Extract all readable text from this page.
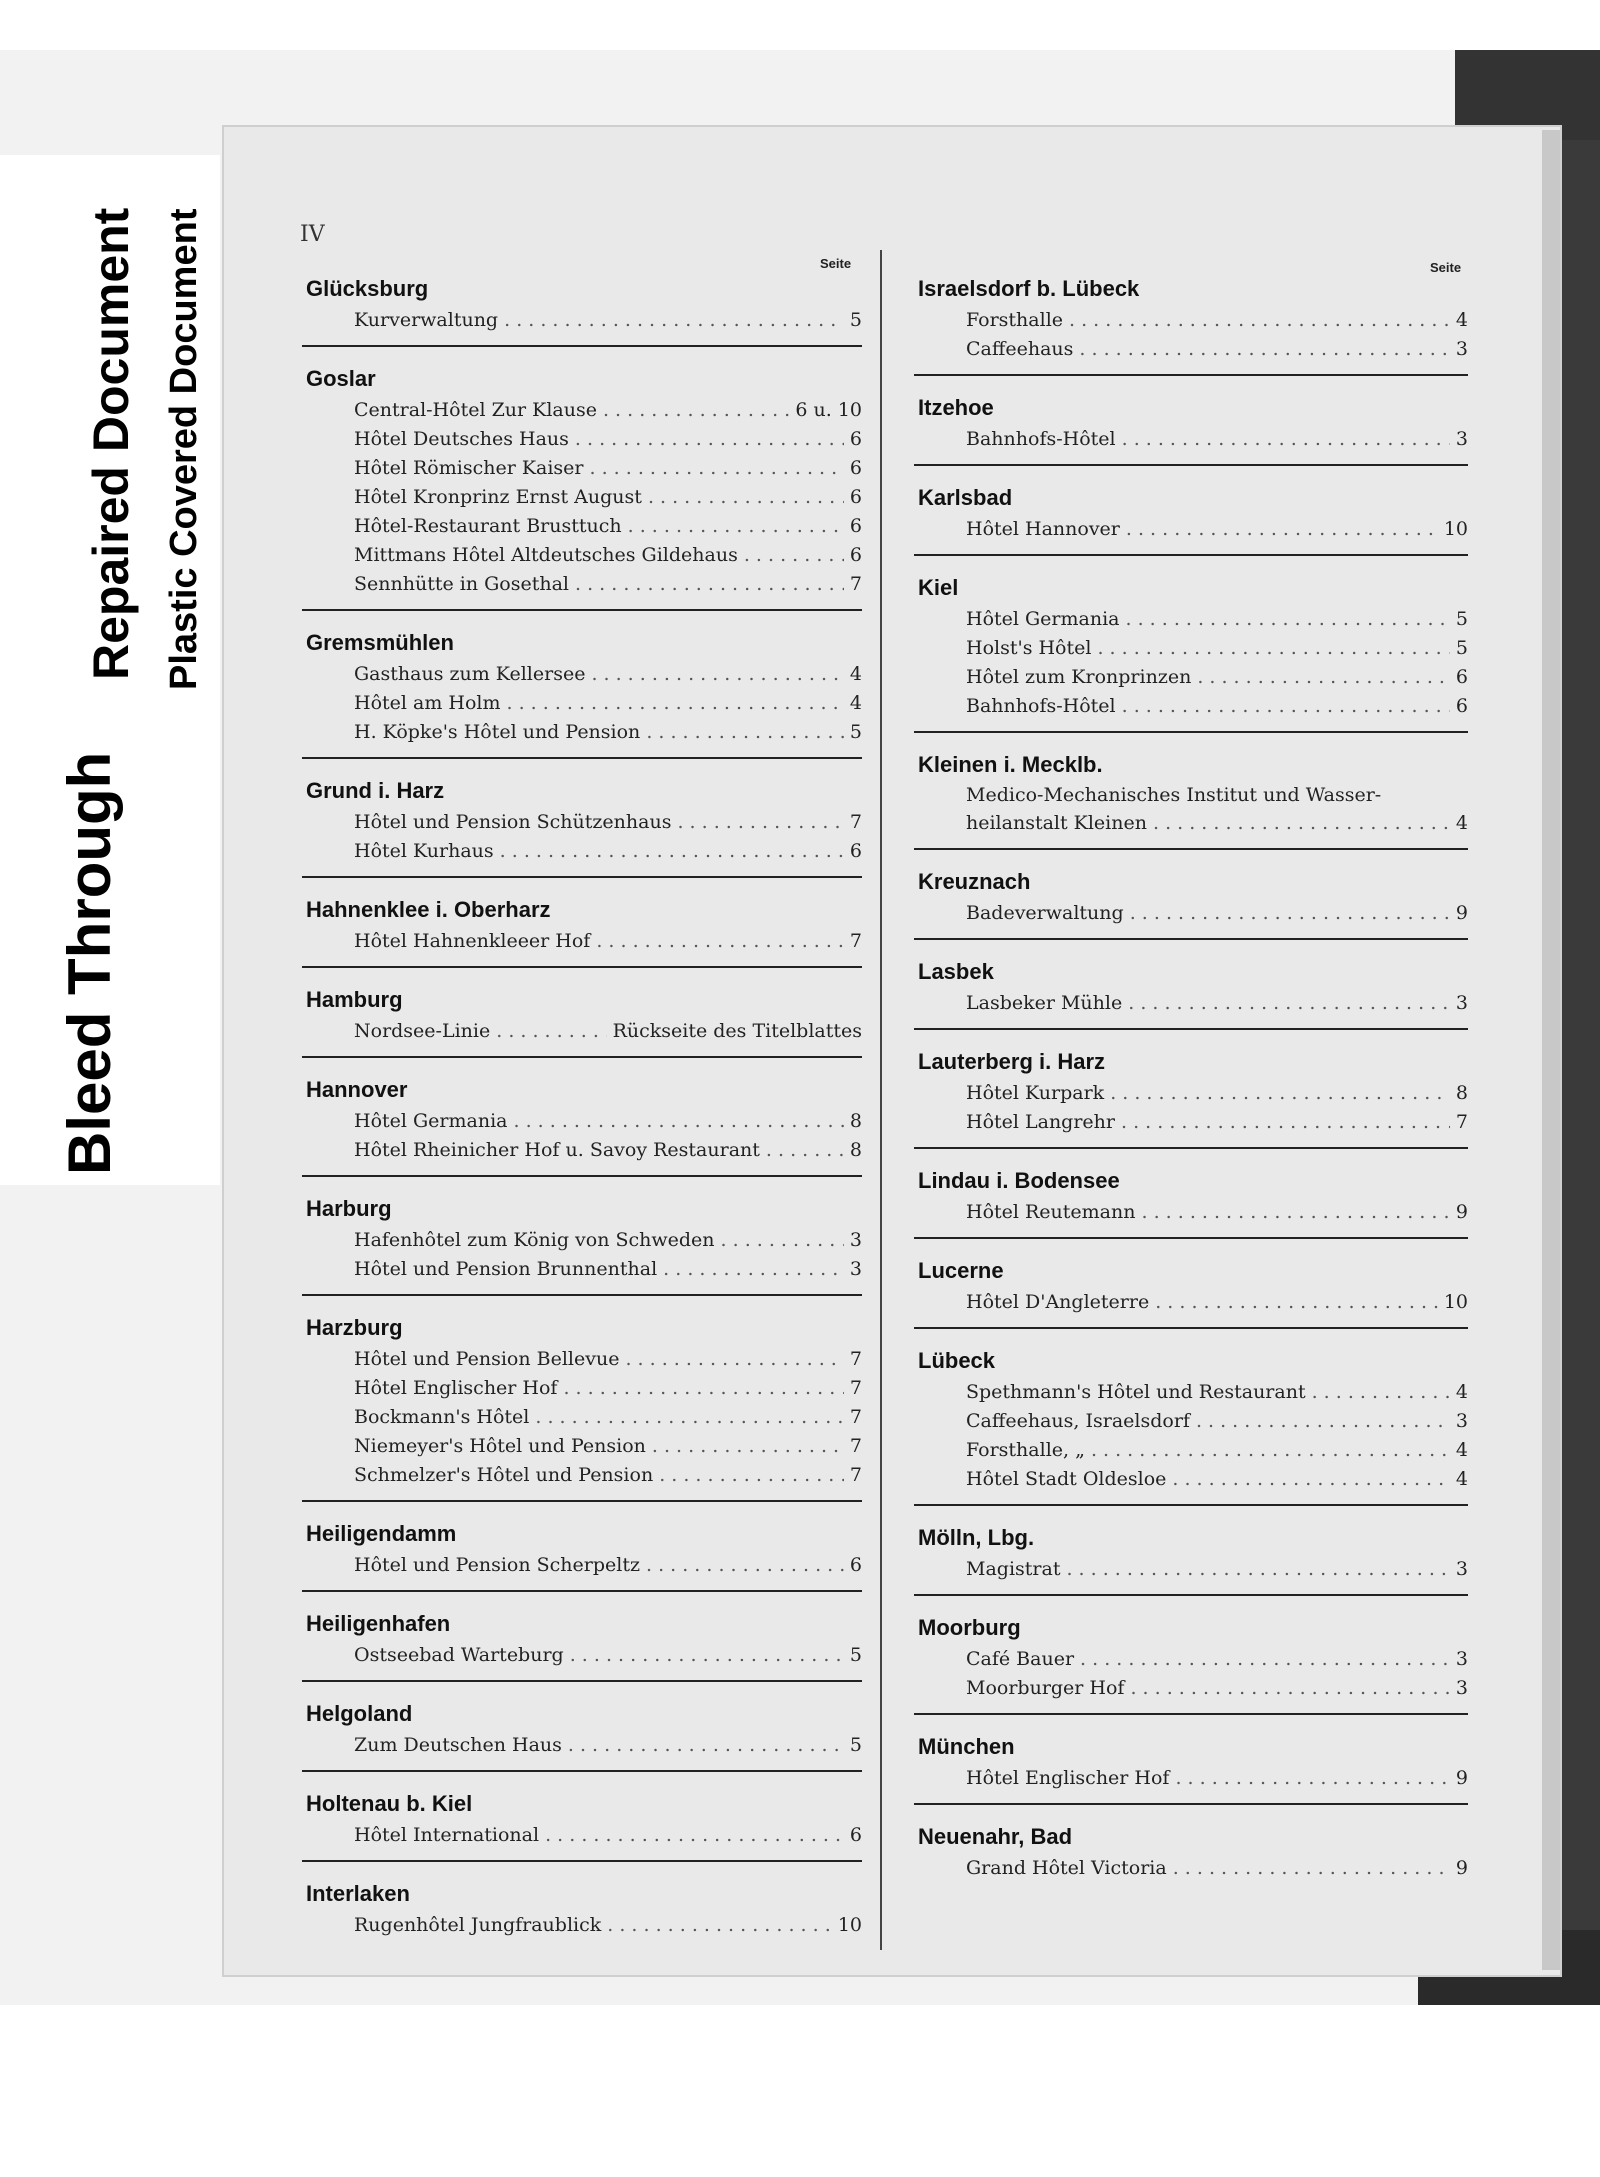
Bleed Through
Repaired Document Plastic Covered Document	IV
Seite	Seite
Glücksburg
Kurverwaltung . . .	5
Goslar
Central-Hôtel Zur Klause . . .	6 u. 10
Hôtel Deutsches Haus . . .	6
Hôtel Römischer Kaiser . . .	6
Hôtel Kronprinz Ernst August . . .	6
Hôtel-Restaurant Brusttuch . . .	6
Mittmans Hôtel Altdeutsches Gildehaus . . .	6
Sennhütte in Gosethal . . .	7
Gremsmühlen
Gasthaus zum Kellersee . . .	4
Hôtel am Holm . . .	4
H. Köpke's Hôtel und Pension . . .	5
Grund i. Harz
Hôtel und Pension Schützenhaus . . .	7
Hôtel Kurhaus . . .	6
Hahnenklee i. Oberharz
Hôtel Hahnenkleeer Hof . . .	7
Hamburg
Nordsee-Linie . . .	Rückseite des Titelblattes
Hannover
Hôtel Germania . . .	8
Hôtel Rheinicher Hof u. Savoy Restaurant . . .	8
Harburg
Hafenhôtel zum König von Schweden . . .	3
Hôtel und Pension Brunnenthal . . .	3
Harzburg
Hôtel und Pension Bellevue . . .	7
Hôtel Englischer Hof . . .	7
Bockmann's Hôtel . . .	7
Niemeyer's Hôtel und Pension . . .	7
Schmelzer's Hôtel und Pension . . .	7
Heiligendamm
Hôtel und Pension Scherpeltz . . .	6
Heiligenhafen
Ostseebad Warteburg . . .	5
Helgoland
Zum Deutschen Haus . . .	5
Holtenau b. Kiel
Hôtel International . . .	6
Interlaken
Rugenhôtel Jungfraublick . . .	10
Israelsdorf b. Lübeck
Forsthalle . . .	4
Caffeehaus . . .	3
Itzehoe
Bahnhofs-Hôtel . . .	3
Karlsbad
Hôtel Hannover . . .	10
Kiel
Hôtel Germania . . .	5
Holst's Hôtel . . .	5
Hôtel zum Kronprinzen . . .	6
Bahnhofs-Hôtel . . .	6
Kleinen i. Mecklb.
Medico-Mechanisches Institut und Wasser-
heilanstalt Kleinen . . .	4
Kreuznach
Badeverwaltung . . .	9
Lasbek
Lasbeker Mühle . . .	3
Lauterberg i. Harz
Hôtel Kurpark . . .	8
Hôtel Langrehr . . .	7
Lindau i. Bodensee
Hôtel Reutemann . . .	9
Lucerne
Hôtel D'Angleterre . . .	10
Lübeck
Spethmann's Hôtel und Restaurant . . .	4
Caffeehaus, Israelsdorf . . .	3
Forsthalle, „ . . .	4
Hôtel Stadt Oldesloe . . .	4
Mölln, Lbg.
Magistrat . . .	3
Moorburg
Café Bauer . . .	3
Moorburger Hof . . .	3
München
Hôtel Englischer Hof . . .	9
Neuenahr, Bad
Grand Hôtel Victoria . . .	9
